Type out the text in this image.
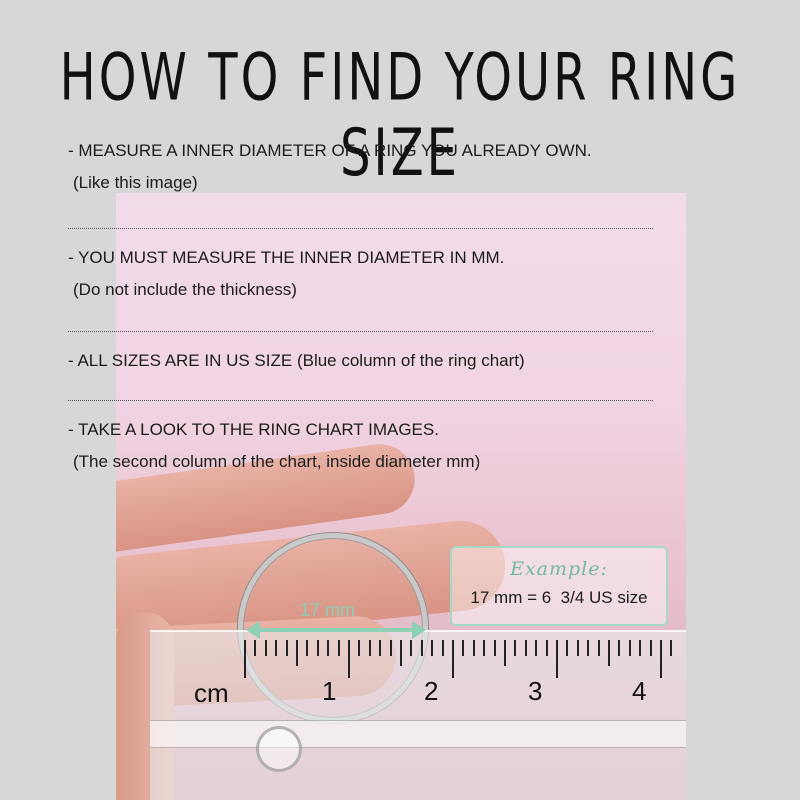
cm	1	2	3	4
HOW TO FIND YOUR RING SIZE
- MEASURE A INNER DIAMETER OF A RING YOU ALREADY OWN.
(Like this image)
- YOU MUST MEASURE THE INNER DIAMETER IN MM.
(Do not include the thickness)
- ALL SIZES ARE IN US SIZE (Blue column of the ring chart)
- TAKE A LOOK TO THE RING CHART IMAGES.
(The second column of the chart, inside diameter mm)
Example:
17 mm = 6  3/4 US size
17 mm
